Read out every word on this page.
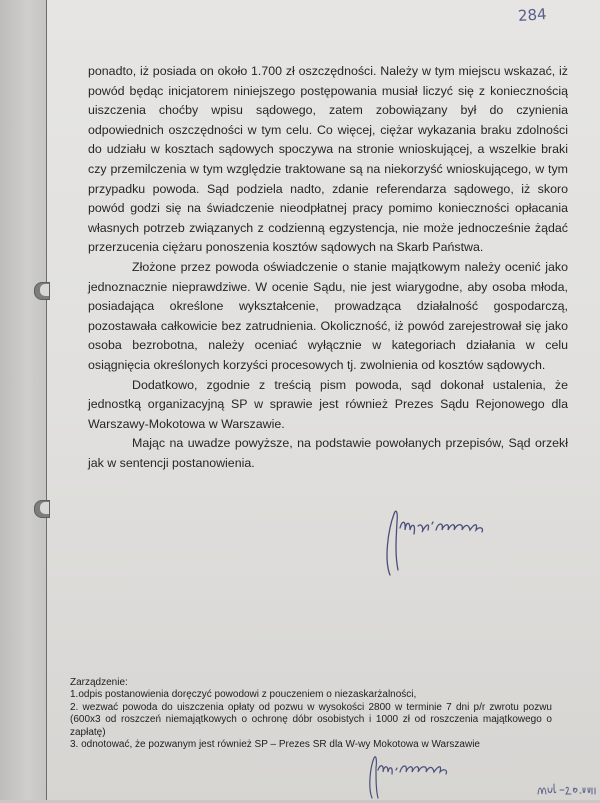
284

ponadto, iż posiada on około 1.700 zł oszczędności. Należy w tym miejscu wskazać, iż powód będąc inicjatorem niniejszego postępowania musiał liczyć się z koniecznością uiszczenia choćby wpisu sądowego, zatem zobowiązany był do czynienia odpowiednich oszczędności w tym celu. Co więcej, ciężar wykazania braku zdolności do udziału w kosztach sądowych spoczywa na stronie wnioskującej, a wszelkie braki czy przemilczenia w tym względzie traktowane są na niekorzyść wnioskującego, w tym przypadku powoda. Sąd podziela nadto, zdanie referendarza sądowego, iż skoro powód godzi się na świadczenie nieodpłatnej pracy pomimo konieczności opłacania własnych potrzeb związanych z codzienną egzystencja, nie może jednocześnie żądać przerzucenia ciężaru ponoszenia kosztów sądowych na Skarb Państwa.

Złożone przez powoda oświadczenie o stanie majątkowym należy ocenić jako jednoznacznie nieprawdziwe. W ocenie Sądu, nie jest wiarygodne, aby osoba młoda, posiadająca określone wykształcenie, prowadząca działalność gospodarczą, pozostawała całkowicie bez zatrudnienia. Okoliczność, iż powód zarejestrował się jako osoba bezrobotna, należy oceniać wyłącznie w kategoriach działania w celu osiągnięcia określonych korzyści procesowych tj. zwolnienia od kosztów sądowych.

Dodatkowo, zgodnie z treścią pism powoda, sąd dokonał ustalenia, że jednostką organizacyjną SP w sprawie jest również Prezes Sądu Rejonowego dla Warszawy-Mokotowa w Warszawie.

Mając na uwadze powyższe, na podstawie powołanych przepisów, Sąd orzekł jak w sentencji postanowienia.

Zarządzenie:
1.odpis postanowienia doręczyć powodowi z pouczeniem o niezaskarżalności,
2. wezwać powoda do uiszczenia opłaty od pozwu w wysokości 2800 w terminie 7 dni p/r zwrotu pozwu (600x3 od roszczeń niemajątkowych o ochronę dóbr osobistych i 1000 zł od roszczenia majątkowego o zapłatę)
3. odnotować, że pozwanym jest również SP – Prezes SR dla W-wy Mokotowa w Warszawie
